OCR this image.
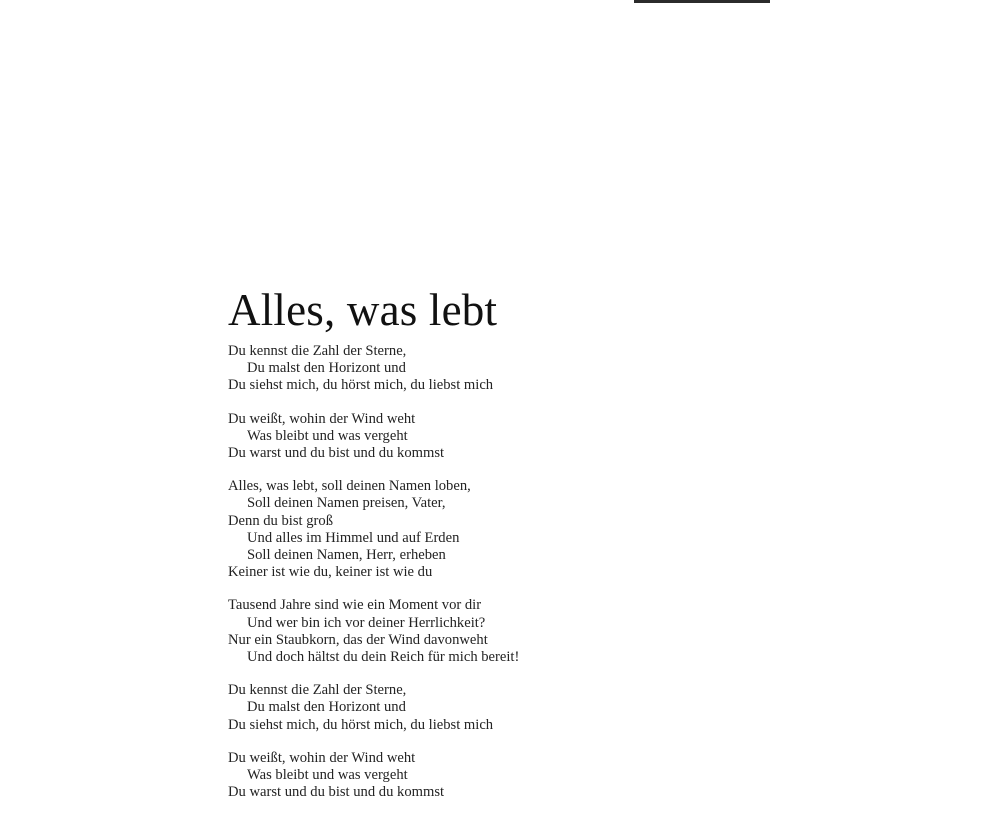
Alles, was lebt
Du kennst die Zahl der Sterne,
Du malst den Horizont und
Du siehst mich, du hörst mich, du liebst mich
Du weißt, wohin der Wind weht
Was bleibt und was vergeht
Du warst und du bist und du kommst
Alles, was lebt, soll deinen Namen loben,
Soll deinen Namen preisen, Vater,
Denn du bist groß
Und alles im Himmel und auf Erden
Soll deinen Namen, Herr, erheben
Keiner ist wie du, keiner ist wie du
Tausend Jahre sind wie ein Moment vor dir
Und wer bin ich vor deiner Herrlichkeit?
Nur ein Staubkorn, das der Wind davonweht
Und doch hältst du dein Reich für mich bereit!
Du kennst die Zahl der Sterne,
Du malst den Horizont und
Du siehst mich, du hörst mich, du liebst mich
Du weißt, wohin der Wind weht
Was bleibt und was vergeht
Du warst und du bist und du kommst
